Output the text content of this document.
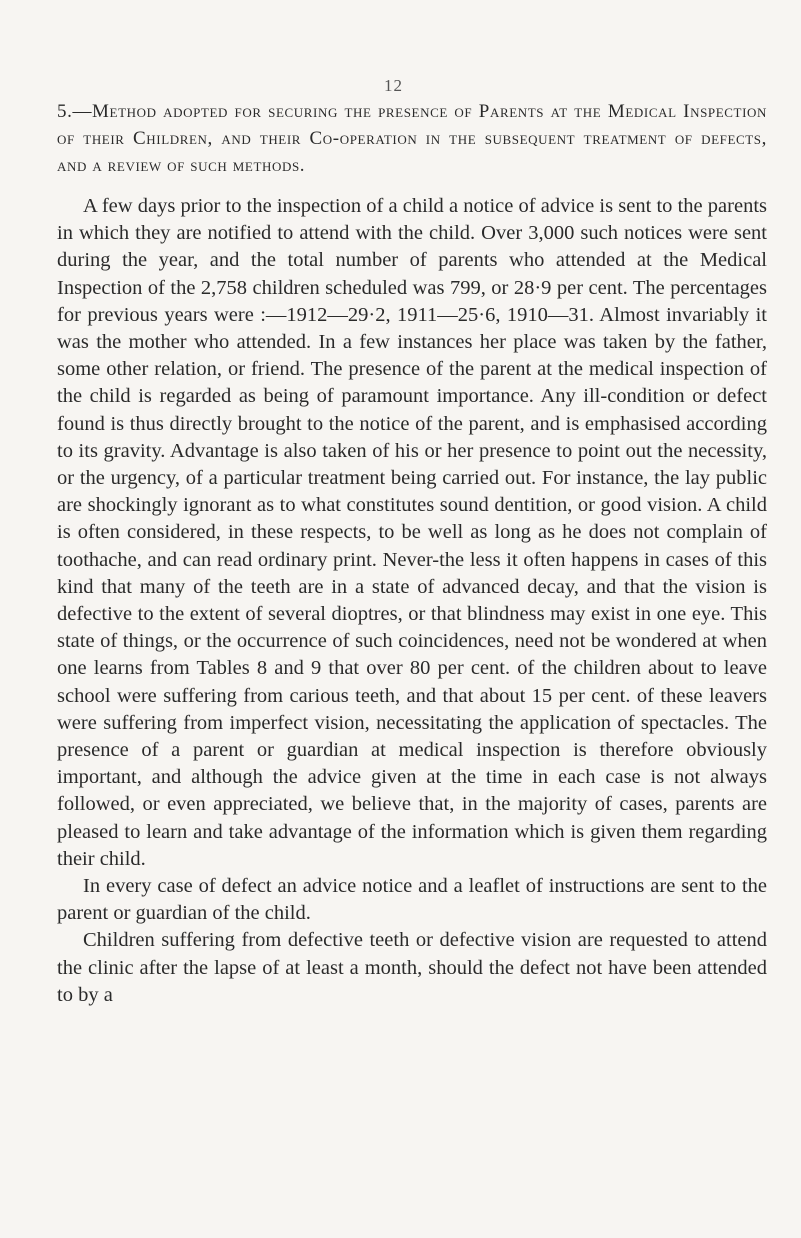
12
5.—Method adopted for securing the presence of Parents at the Medical Inspection of their Children, and their Co-operation in the subsequent treatment of defects, and a review of such methods.

A few days prior to the inspection of a child a notice of advice is sent to the parents in which they are notified to attend with the child. Over 3,000 such notices were sent during the year, and the total number of parents who attended at the Medical Inspection of the 2,758 children scheduled was 799, or 28·9 per cent. The percentages for previous years were :—1912—29·2, 1911—25·6, 1910—31. Almost invariably it was the mother who attended. In a few instances her place was taken by the father, some other relation, or friend. The presence of the parent at the medical inspection of the child is regarded as being of paramount importance. Any ill-condition or defect found is thus directly brought to the notice of the parent, and is emphasised according to its gravity. Advantage is also taken of his or her presence to point out the necessity, or the urgency, of a particular treatment being carried out. For instance, the lay public are shockingly ignorant as to what constitutes sound dentition, or good vision. A child is often considered, in these respects, to be well as long as he does not complain of toothache, and can read ordinary print. Never-the less it often happens in cases of this kind that many of the teeth are in a state of advanced decay, and that the vision is defective to the extent of several dioptres, or that blindness may exist in one eye. This state of things, or the occurrence of such coincidences, need not be wondered at when one learns from Tables 8 and 9 that over 80 per cent. of the children about to leave school were suffering from carious teeth, and that about 15 per cent. of these leavers were suffering from imperfect vision, necessitating the application of spectacles. The presence of a parent or guardian at medical inspection is therefore obviously important, and although the advice given at the time in each case is not always followed, or even appreciated, we believe that, in the majority of cases, parents are pleased to learn and take advantage of the information which is given them regarding their child.

In every case of defect an advice notice and a leaflet of instructions are sent to the parent or guardian of the child.

Children suffering from defective teeth or defective vision are requested to attend the clinic after the lapse of at least a month, should the defect not have been attended to by a
